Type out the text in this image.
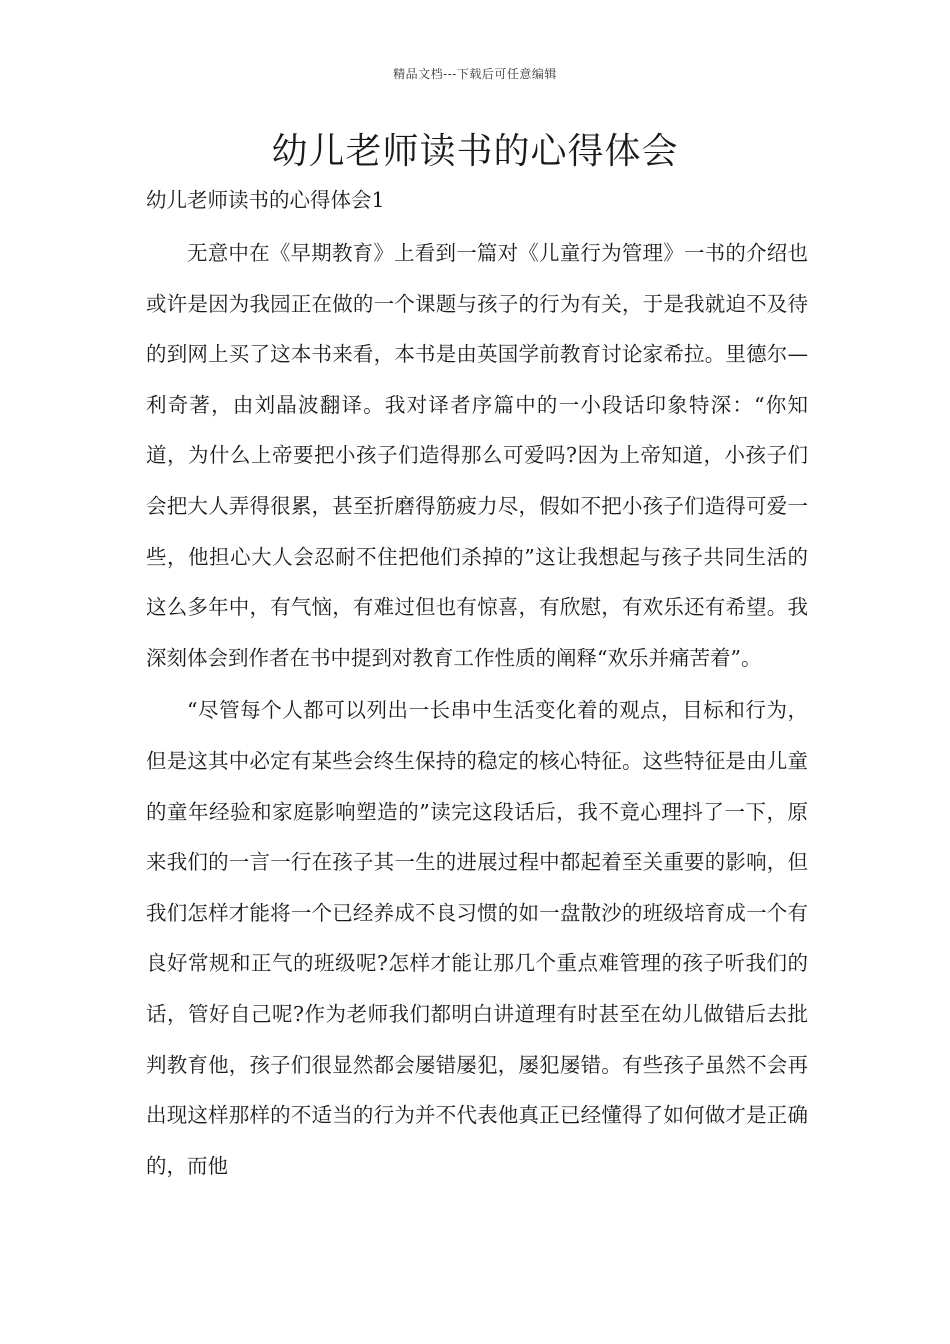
精品文档---下载后可任意编辑
幼儿老师读书的心得体会
幼儿老师读书的心得体会1

无意中在《早期教育》上看到一篇对《儿童行为管理》一书的介绍也或许是因为我园正在做的一个课题与孩子的行为有关，于是我就迫不及待的到网上买了这本书来看，本书是由英国学前教育讨论家希拉。里德尔—利奇著，由刘晶波翻译。我对译者序篇中的一小段话印象特深：“你知道，为什么上帝要把小孩子们造得那么可爱吗?因为上帝知道，小孩子们会把大人弄得很累，甚至折磨得筋疲力尽，假如不把小孩子们造得可爱一些，他担心大人会忍耐不住把他们杀掉的”这让我想起与孩子共同生活的这么多年中，有气恼，有难过但也有惊喜，有欣慰，有欢乐还有希望。我深刻体会到作者在书中提到对教育工作性质的阐释“欢乐并痛苦着”。

“尽管每个人都可以列出一长串中生活变化着的观点，目标和行为，但是这其中必定有某些会终生保持的稳定的核心特征。这些特征是由儿童的童年经验和家庭影响塑造的”读完这段话后，我不竟心理抖了一下，原来我们的一言一行在孩子其一生的进展过程中都起着至关重要的影响，但我们怎样才能将一个已经养成不良习惯的如一盘散沙的班级培育成一个有良好常规和正气的班级呢?怎样才能让那几个重点难管理的孩子听我们的话，管好自己呢?作为老师我们都明白讲道理有时甚至在幼儿做错后去批判教育他，孩子们很显然都会屡错屡犯，屡犯屡错。有些孩子虽然不会再出现这样那样的不适当的行为并不代表他真正已经懂得了如何做才是正确的，而他
